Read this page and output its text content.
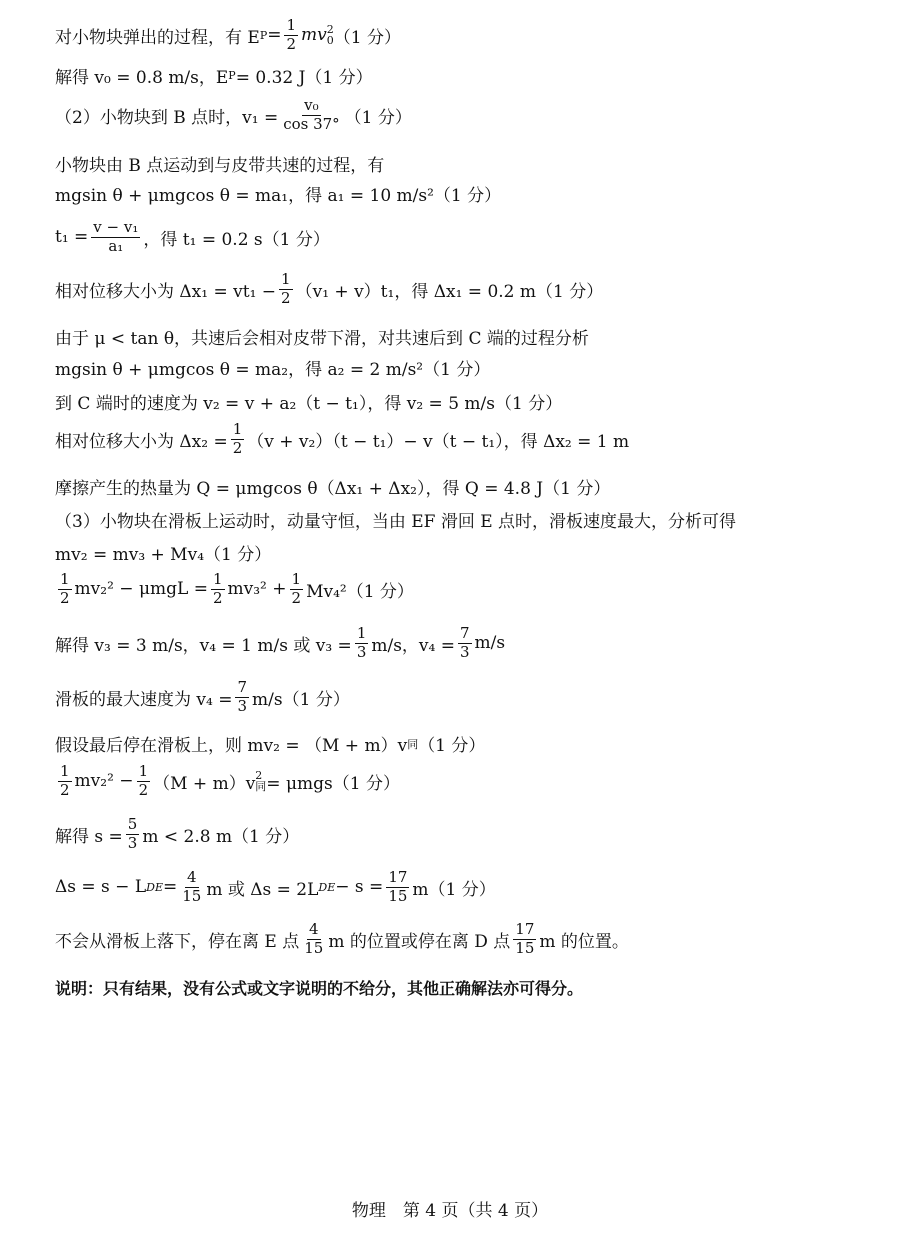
对小物块弹出的过程，有 E $P = \frac{1}{2}$ mv 2
0 （1 分）
解得 v₀ = 0.8 m/s，E P = 0.32 J（1 分）
（2）小物块到 B 点时，$v_1 = \frac{\text{v₀}}{\cos 37^\circ} (1$ 分）
小物块由 B 点运动到与皮带共速的过程，有
mgsin θ + μmgcos θ = ma₁，得 a₁ = 10 m/s²（1 分）
$t_1 = \frac{\text{v − v₁}}{\text{a₁}}$ ，得 t₁ = 0.2 s（1 分）
相对位移大小为 $\Delta x_1 = vt_1 - \frac{1}{2} (v_1 + v)t_1$，得 Δx₁ = 0.2 m（1 分）
由于 μ < tan θ，共速后会相对皮带下滑，对共速后到 C 端的过程分析
mgsin θ + μmgcos θ = ma₂，得 a₂ = 2 m/s²（1 分）
到 C 端时的速度为 v₂ = v + a₂（t − t₁），得 v₂ = 5 m/s（1 分）
相对位移大小为 $\Delta x_2 = \frac{1}{2} (v + v_2)(t - t_1)- v(t - t_1)$，得 Δx₂ = 1 m
摩擦产生的热量为 Q = μmgcos θ（Δx₁ + Δx₂），得 Q = 4.8 J（1 分）
（3）小物块在滑板上运动时，动量守恒，当由 EF 滑回 E 点时，滑板速度最大，分析可得
mv₂ = mv₃ + Mv₄（1 分）
$\frac{1}{2} mv_2^2 - \mu mgL = \frac{1}{2} mv_3^2 + \frac{1}{2} Mv_4^2(1$ 分）
解得 v₃ = 3 m/s，v₄ = 1 m/s 或 $v_3 = \frac{1}{3} m/s$，$v_4 = \frac{7}{3} m/s$
滑板的最大速度为 $v_4 = \frac{7}{3} m/s(1$ 分）
假设最后停在滑板上，则 mv₂ = （M + m）v 同 （1 分）
$\frac{1}{2} mv_2^2 - \frac{1}{2} (M + m)v$ 2
同 = μmgs（1 分）
解得 $s = \frac{5}{3}$ m < 2.8 m（1 分）
Δs = s − L DE = $\frac{4}{15}$ m 或 Δs = 2L DE − $s = \frac{17}{15} m(1$ 分）
不会从滑板上落下，停在离 E 点 $\frac{4}{15}$ m 的位置或停在离 D 点 $\frac{17}{15}$ m 的位置。
说明：只有结果，没有公式或文字说明的不给分，其他正确解法亦可得分。
物理　第 4 页（共 4 页）
